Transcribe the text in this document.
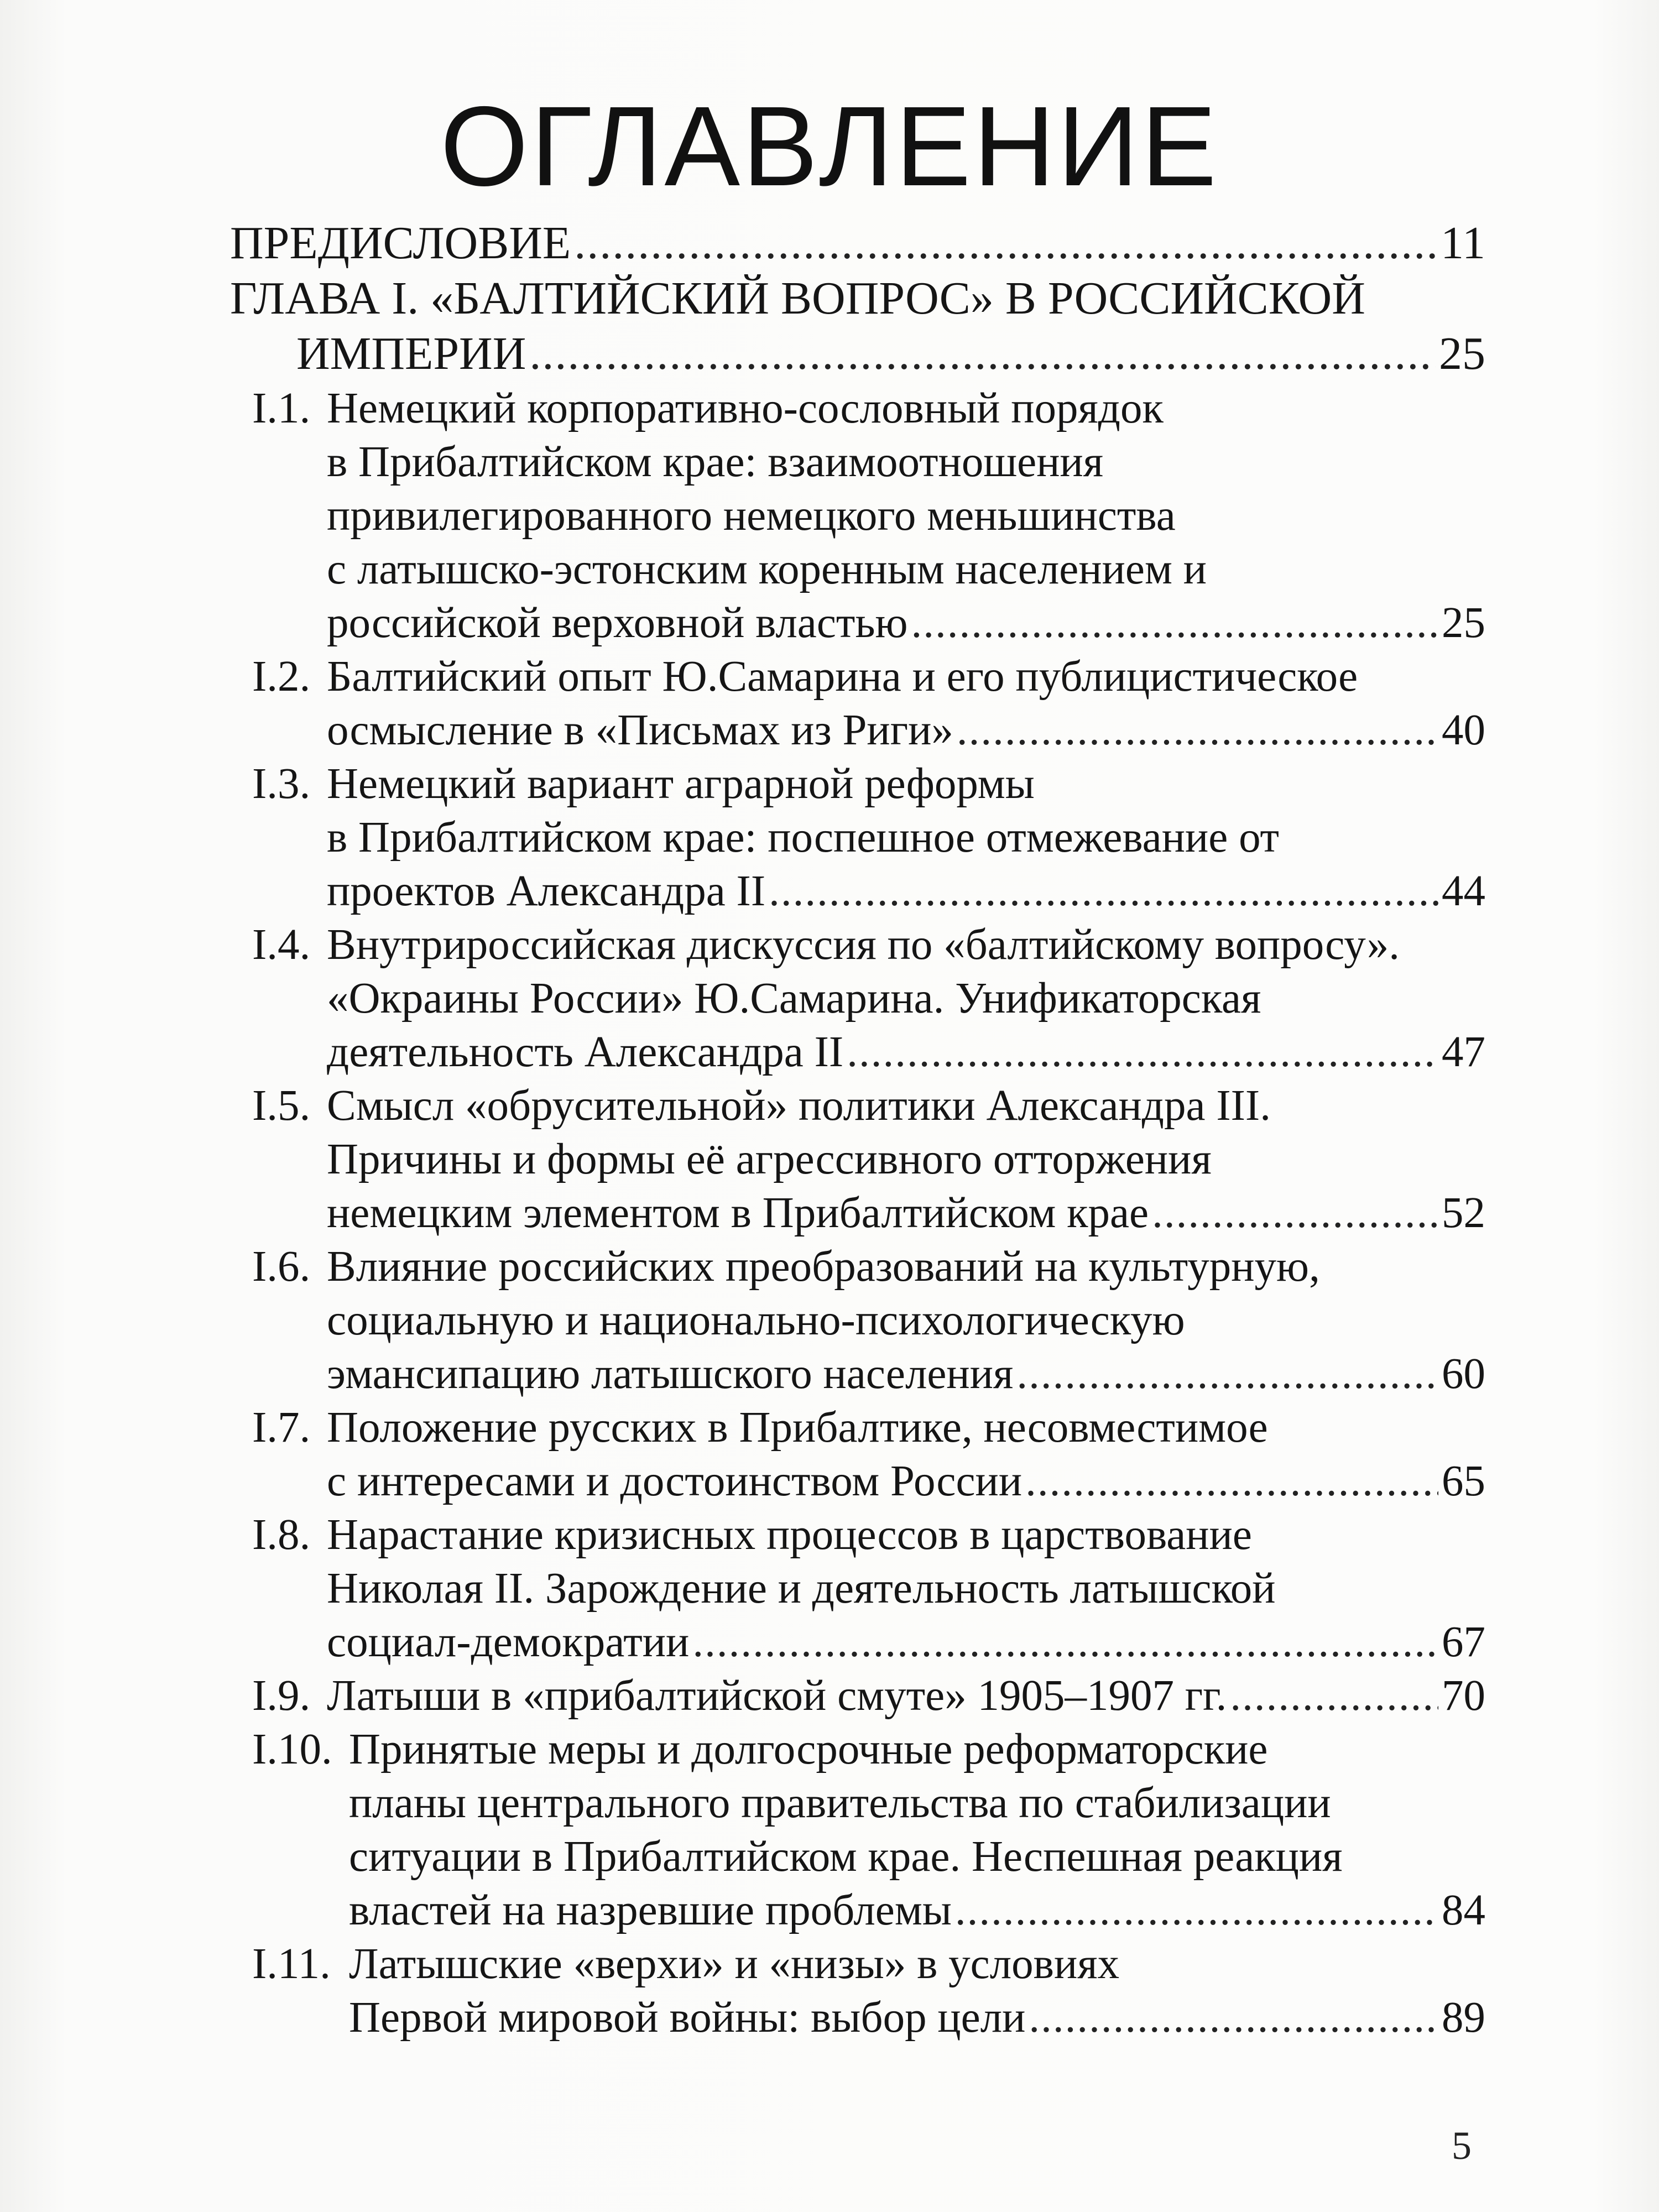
ОГЛАВЛЕНИЕ
ПРЕДИСЛОВИЕ .....	11
ГЛАВА I. «БАЛТИЙСКИЙ ВОПРОС» В РОССИЙСКОЙ
ИМПЕРИИ .....	25
I.1. Немецкий корпоративно-сословный порядок
в Прибалтийском крае: взаимоотношения
привилегированного немецкого меньшинства
с латышско-эстонским коренным населением и
российской верховной властью .....	25
I.2. Балтийский опыт Ю.Самарина и его публицистическое
осмысление в «Письмах из Риги» .....	40
I.3. Немецкий вариант аграрной реформы
в Прибалтийском крае: поспешное отмежевание от
проектов Александра II .....	44
I.4. Внутрироссийская дискуссия по «балтийскому вопросу».
«Окраины России» Ю.Самарина. Унификаторская
деятельность Александра II .....	47
I.5. Смысл «обрусительной» политики Александра III.
Причины и формы её агрессивного отторжения
немецким элементом в Прибалтийском крае .....	52
I.6. Влияние российских преобразований на культурную,
социальную и национально-психологическую
эмансипацию латышского населения .....	60
I.7. Положение русских в Прибалтике, несовместимое
с интересами и достоинством России .....	65
I.8. Нарастание кризисных процессов в царствование
Николая II. Зарождение и деятельность латышской
социал-демократии .....	67
I.9. Латыши в «прибалтийской смуте» 1905–1907 гг. .....	70
I.10. Принятые меры и долгосрочные реформаторские
планы центрального правительства по стабилизации
ситуации в Прибалтийском крае. Неспешная реакция
властей на назревшие проблемы .....	84
I.11. Латышские «верхи» и «низы» в условиях
Первой мировой войны: выбор цели .....	89
5
